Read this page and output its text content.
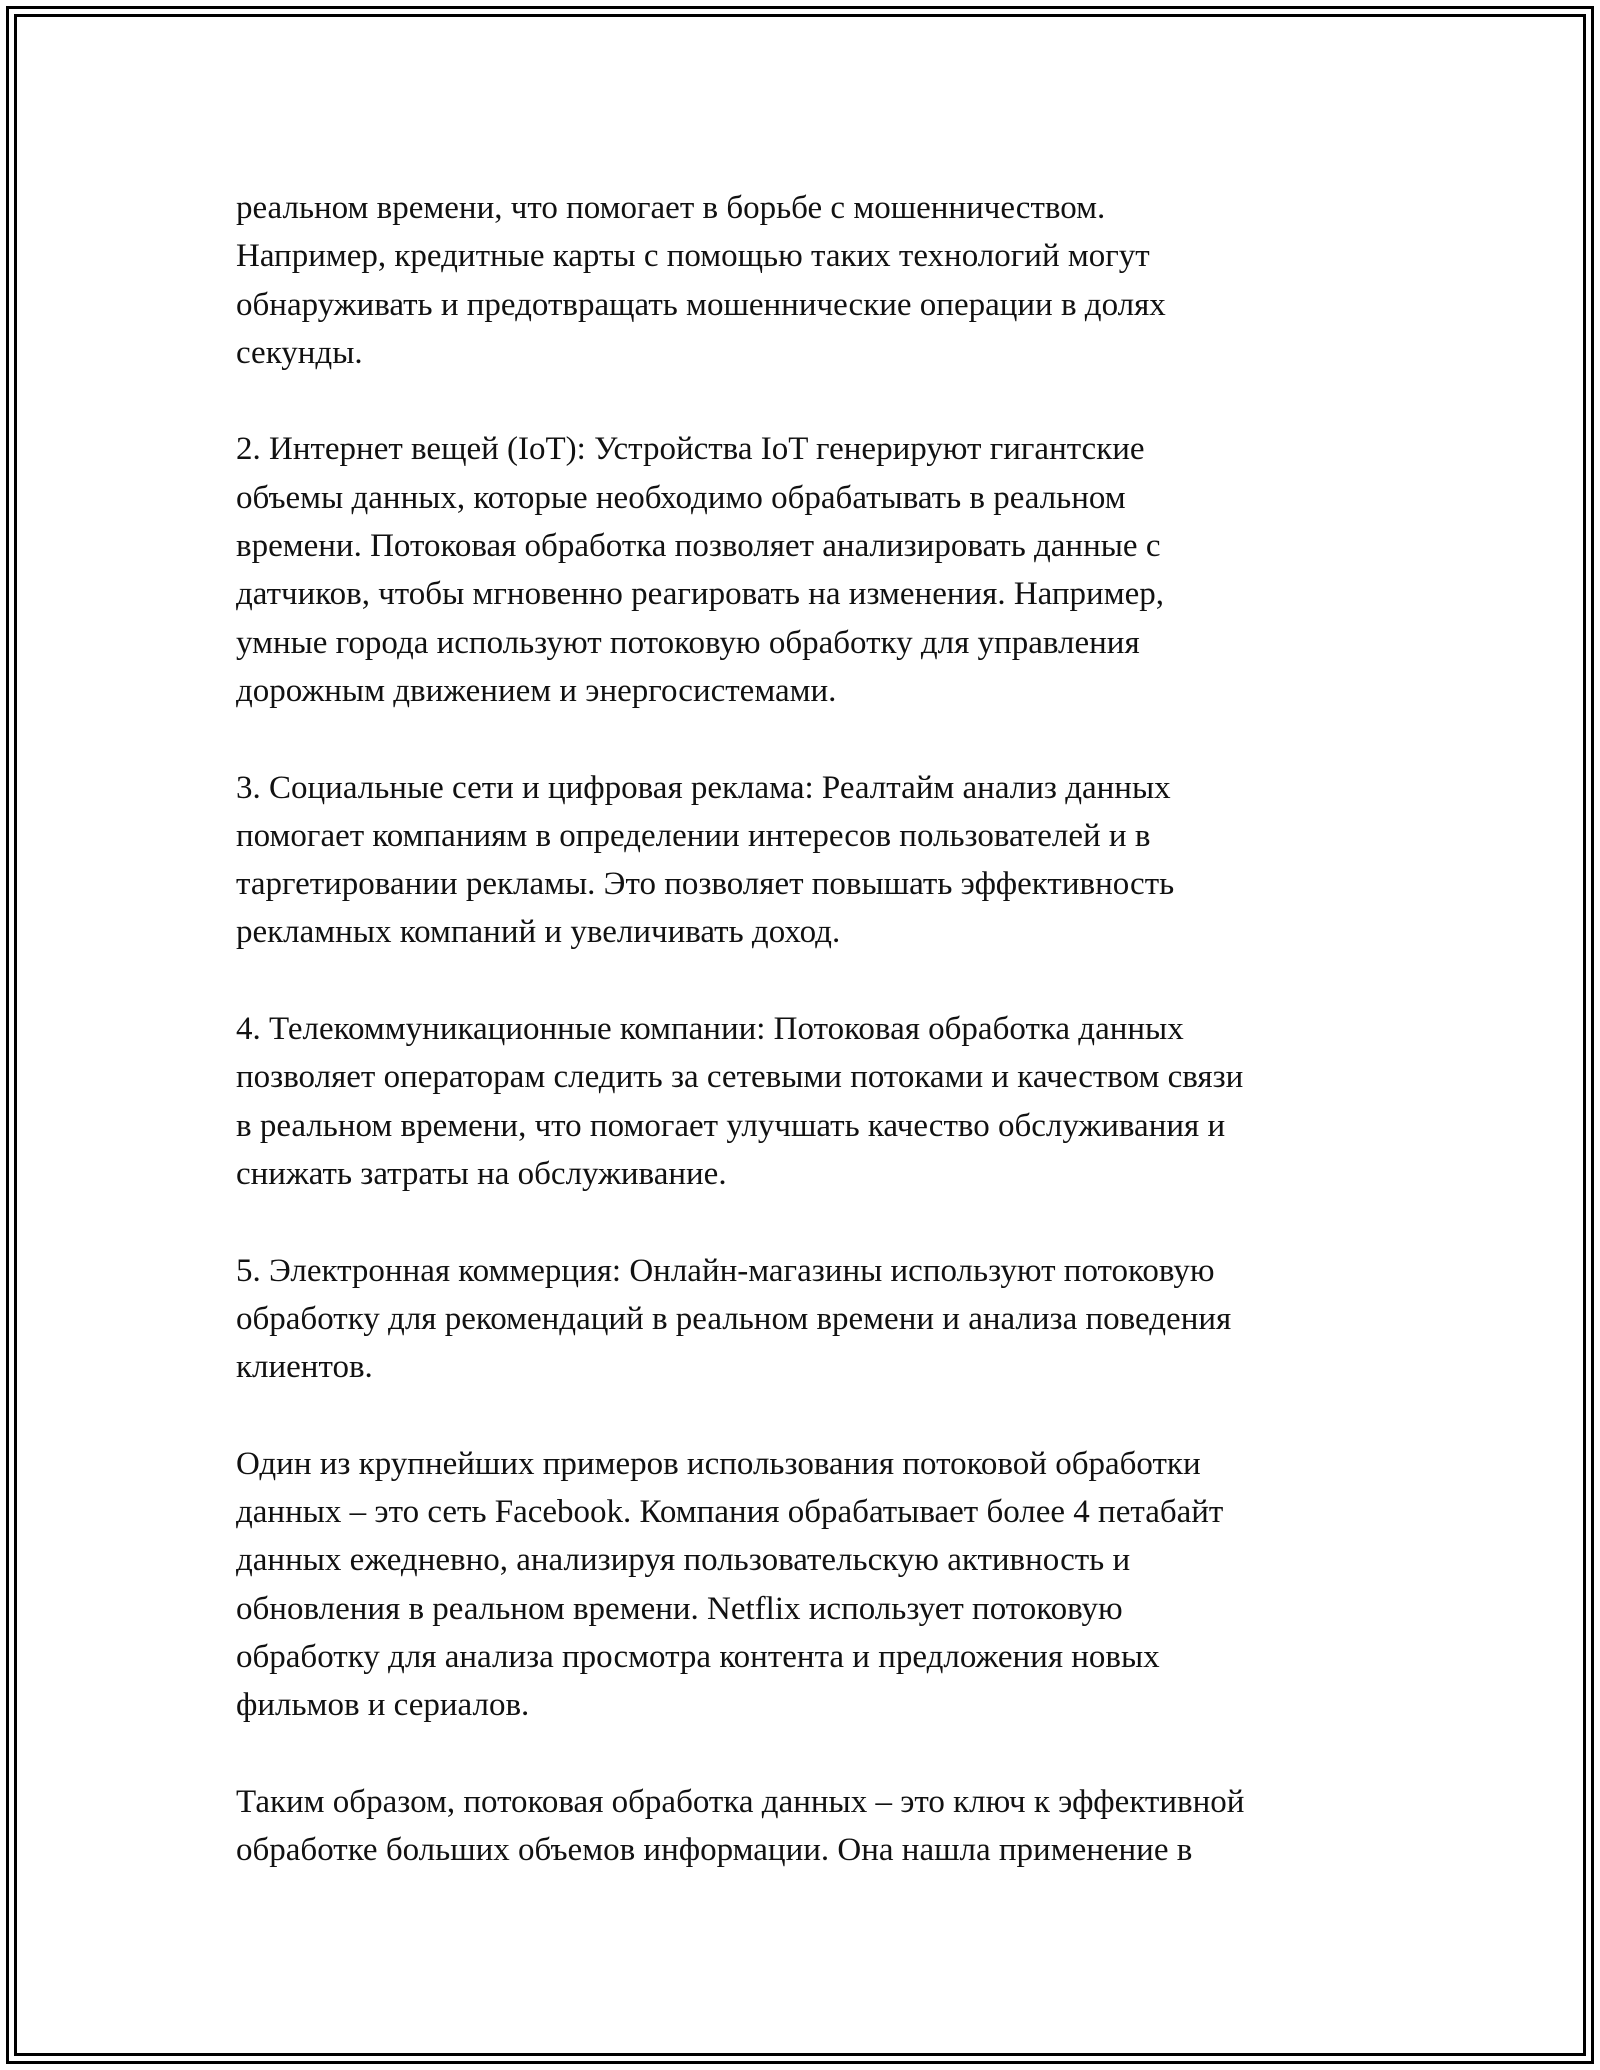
реальном времени, что помогает в борьбе с мошенничеством.
Например, кредитные карты с помощью таких технологий могут
обнаруживать и предотвращать мошеннические операции в долях
секунды.

2. Интернет вещей (IoT): Устройства IoT генерируют гигантские
объемы данных, которые необходимо обрабатывать в реальном
времени. Потоковая обработка позволяет анализировать данные с
датчиков, чтобы мгновенно реагировать на изменения. Например,
умные города используют потоковую обработку для управления
дорожным движением и энергосистемами.

3. Социальные сети и цифровая реклама: Реалтайм анализ данных
помогает компаниям в определении интересов пользователей и в
таргетировании рекламы. Это позволяет повышать эффективность
рекламных компаний и увеличивать доход.

4. Телекоммуникационные компании: Потоковая обработка данных
позволяет операторам следить за сетевыми потоками и качеством связи
в реальном времени, что помогает улучшать качество обслуживания и
снижать затраты на обслуживание.

5. Электронная коммерция: Онлайн-магазины используют потоковую
обработку для рекомендаций в реальном времени и анализа поведения
клиентов.

Один из крупнейших примеров использования потоковой обработки
данных – это сеть Facebook. Компания обрабатывает более 4 петабайт
данных ежедневно, анализируя пользовательскую активность и
обновления в реальном времени. Netflix использует потоковую
обработку для анализа просмотра контента и предложения новых
фильмов и сериалов.

Таким образом, потоковая обработка данных – это ключ к эффективной
обработке больших объемов информации. Она нашла применение в
